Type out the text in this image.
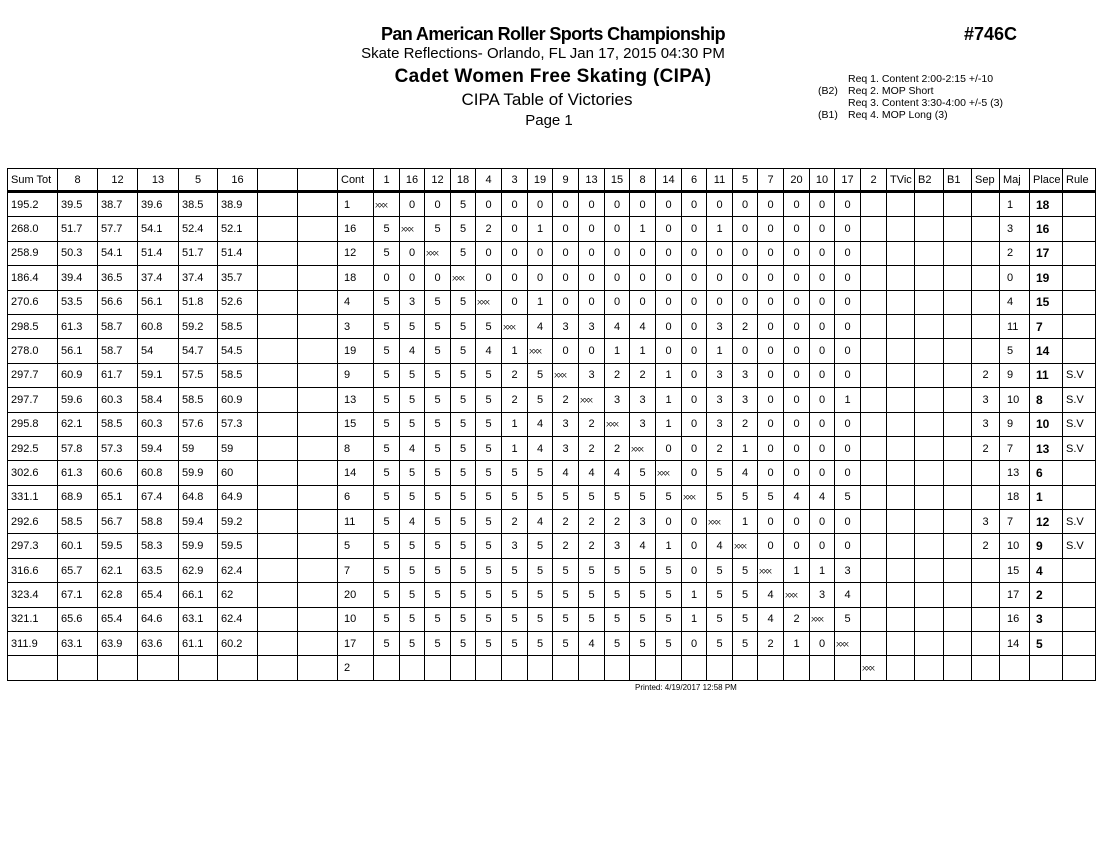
Pan American Roller Sports Championship
Skate Reflections- Orlando, FL Jan 17, 2015 04:30 PM
Cadet Women Free Skating (CIPA)
CIPA Table of Victories
Page 1
#746C
Req 1. Content 2:00-2:15 +/-10
(B2) Req 2. MOP Short
Req 3. Content 3:30-4:00 +/-5 (3)
(B1) Req 4. MOP Long (3)
Sum Tot	8	12	13	5	16			Cont	1	16	12	18	4	3	19	9	13	15	8	14	6	11	5	7	20	10	17	2	TVic	B2	B1	Sep	Maj	Place	Rule
195.2	39.5	38.7	39.6	38.5	38.9			1	XXX	0	0	5	0	0	0	0	0	0	0	0	0	0	0	0	0	0	0						1	18	
268.0	51.7	57.7	54.1	52.4	52.1			16	5	XXX	5	5	2	0	1	0	0	0	1	0	0	1	0	0	0	0	0						3	16	
258.9	50.3	54.1	51.4	51.7	51.4			12	5	0	XXX	5	0	0	0	0	0	0	0	0	0	0	0	0	0	0	0						2	17	
186.4	39.4	36.5	37.4	37.4	35.7			18	0	0	0	XXX	0	0	0	0	0	0	0	0	0	0	0	0	0	0	0						0	19	
270.6	53.5	56.6	56.1	51.8	52.6			4	5	3	5	5	XXX	0	1	0	0	0	0	0	0	0	0	0	0	0	0						4	15	
298.5	61.3	58.7	60.8	59.2	58.5			3	5	5	5	5	5	XXX	4	3	3	4	4	0	0	3	2	0	0	0	0						11	7	
278.0	56.1	58.7	54	54.7	54.5			19	5	4	5	5	4	1	XXX	0	0	1	1	0	0	1	0	0	0	0	0						5	14	
297.7	60.9	61.7	59.1	57.5	58.5			9	5	5	5	5	5	2	5	XXX	3	2	2	1	0	3	3	0	0	0	0					2	9	11	S.V
297.7	59.6	60.3	58.4	58.5	60.9			13	5	5	5	5	5	2	5	2	XXX	3	3	1	0	3	3	0	0	0	1					3	10	8	S.V
295.8	62.1	58.5	60.3	57.6	57.3			15	5	5	5	5	5	1	4	3	2	XXX	3	1	0	3	2	0	0	0	0					3	9	10	S.V
292.5	57.8	57.3	59.4	59	59			8	5	4	5	5	5	1	4	3	2	2	XXX	0	0	2	1	0	0	0	0					2	7	13	S.V
302.6	61.3	60.6	60.8	59.9	60			14	5	5	5	5	5	5	5	4	4	4	5	XXX	0	5	4	0	0	0	0						13	6	
331.1	68.9	65.1	67.4	64.8	64.9			6	5	5	5	5	5	5	5	5	5	5	5	5	XXX	5	5	5	4	4	5						18	1	
292.6	58.5	56.7	58.8	59.4	59.2			11	5	4	5	5	5	2	4	2	2	2	3	0	0	XXX	1	0	0	0	0					3	7	12	S.V
297.3	60.1	59.5	58.3	59.9	59.5			5	5	5	5	5	5	3	5	2	2	3	4	1	0	4	XXX	0	0	0	0					2	10	9	S.V
316.6	65.7	62.1	63.5	62.9	62.4			7	5	5	5	5	5	5	5	5	5	5	5	5	0	5	5	XXX	1	1	3						15	4	
323.4	67.1	62.8	65.4	66.1	62			20	5	5	5	5	5	5	5	5	5	5	5	5	1	5	5	4	XXX	3	4						17	2	
321.1	65.6	65.4	64.6	63.1	62.4			10	5	5	5	5	5	5	5	5	5	5	5	5	1	5	5	4	2	XXX	5						16	3	
311.9	63.1	63.9	63.6	61.1	60.2			17	5	5	5	5	5	5	5	5	4	5	5	5	0	5	5	2	1	0	XXX						14	5	
								2																				XXX							
Printed: 4/19/2017 12:58 PM
